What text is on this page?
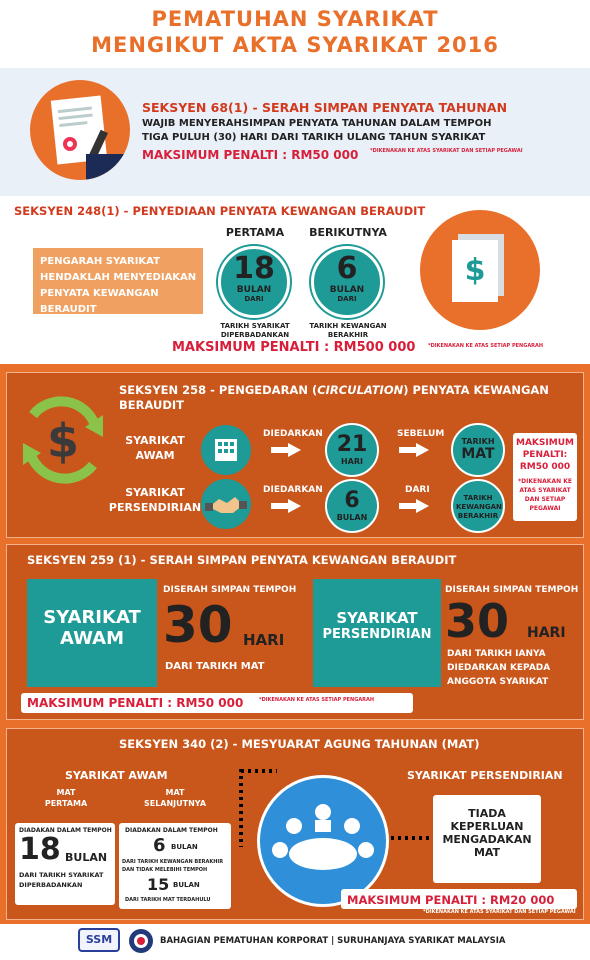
PEMATUHAN SYARIKAT
MENGIKUT AKTA SYARIKAT 2016
SEKSYEN 68(1) - SERAH SIMPAN PENYATA TAHUNAN
WAJIB MENYERAHSIMPAN PENYATA TAHUNAN DALAM TEMPOH
TIGA PULUH (30) HARI DARI TARIKH ULANG TAHUN SYARIKAT
MAKSIMUM PENALTI : RM50 000 *DIKENAKAN KE ATAS SYARIKAT DAN SETIAP PEGAWAI
SEKSYEN 248(1) - PENYEDIAAN PENYATA KEWANGAN BERAUDIT
PENGARAH SYARIKAT HENDAKLAH MENYEDIAKAN PENYATA KEWANGAN BERAUDIT
PERTAMA
18
BULAN
DARI
TARIKH SYARIKAT DIPERBADANKAN
BERIKUTNYA
6
BULAN
DARI
TARIKH KEWANGAN BERAKHIR
$
MAKSIMUM PENALTI : RM500 000	*DIKENAKAN KE ATAS SETIAP PENGARAH
$
SEKSYEN 258 - PENGEDARAN (CIRCULATION) PENYATA KEWANGAN
BERAUDIT
SYARIKAT AWAM
DIEDARKAN 21
HARI
SEBELUM
TARIKH
MAT
SYARIKAT PERSENDIRIAN
DIEDARKAN 6
BULAN
DARI
TARIKH KEWANGAN BERAKHIR
MAKSIMUM PENALTI:
RM50 000
*DIKENAKAN KE ATAS SYARIKAT DAN SETIAP PEGAWAI
SEKSYEN 259 (1) - SERAH SIMPAN PENYATA KEWANGAN BERAUDIT
SYARIKAT
AWAM
DISERAH SIMPAN TEMPOH
30 HARI
DARI TARIKH MAT
SYARIKAT
PERSENDIRIAN
DISERAH SIMPAN TEMPOH
30 HARI
DARI TARIKH IANYA
DIEDARKAN KEPADA
ANGGOTA SYARIKAT
MAKSIMUM PENALTI : RM50 000	*DIKENAKAN KE ATAS SETIAP PENGARAH
SEKSYEN 340 (2) - MESYUARAT AGUNG TAHUNAN (MAT)
SYARIKAT AWAM
MAT
PERTAMA
DIADAKAN DALAM TEMPOH
18 BULAN
DARI TARIKH SYARIKAT
DIPERBADANKAN
MAT
SELANJUTNYA
DIADAKAN DALAM TEMPOH
6 BULAN
DARI TARIKH KEWANGAN BERAKHIR
DAN TIDAK MELEBIHI TEMPOH
15 BULAN
DARI TARIKH MAT TERDAHULU
SYARIKAT PERSENDIRIAN
TIADA
KEPERLUAN
MENGADAKAN
MAT
MAKSIMUM PENALTI : RM20 000
*DIKENAKAN KE ATAS SYARIKAT DAN SETIAP PEGAWAI
SSM	BAHAGIAN PEMATUHAN KORPORAT | SURUHANJAYA SYARIKAT MALAYSIA
